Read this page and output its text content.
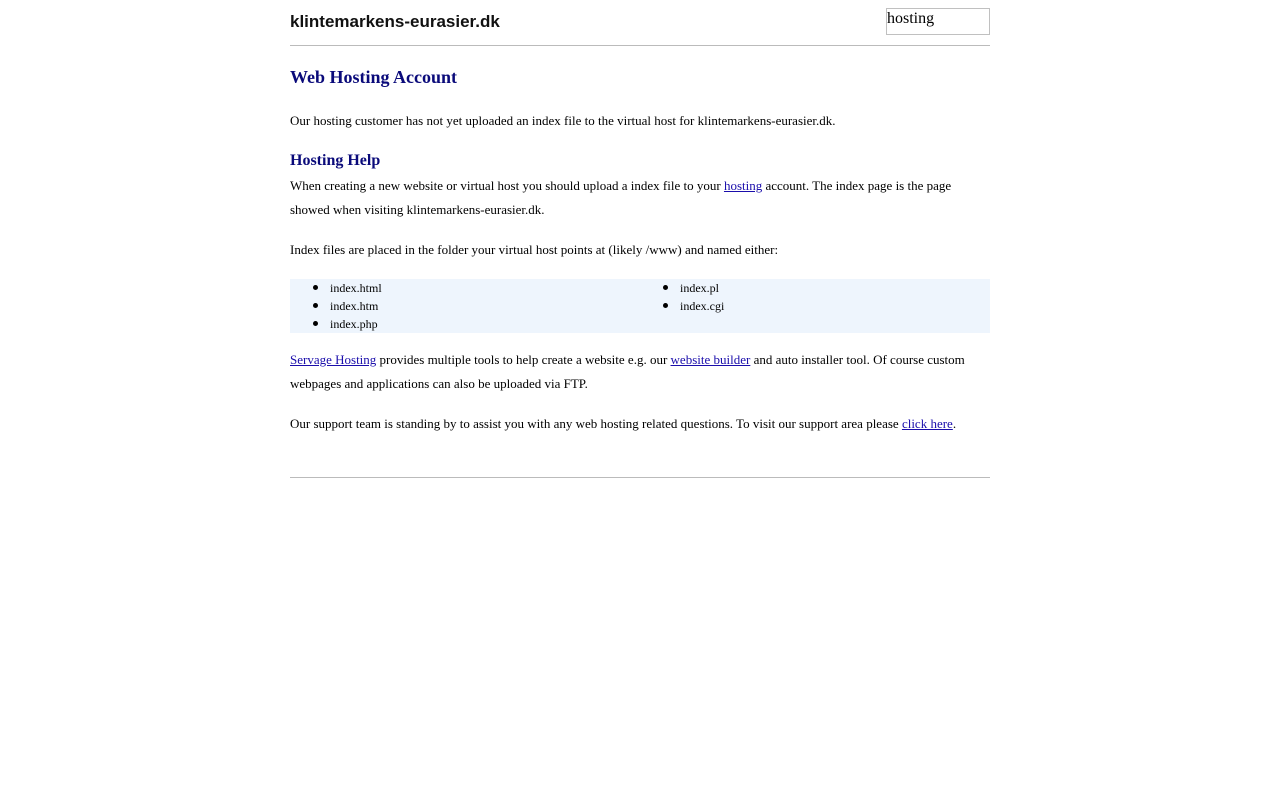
klintemarkens-eurasier.dk	hosting
Web Hosting Account

Our hosting customer has not yet uploaded an index file to the virtual host for klintemarkens-eurasier.dk.

Hosting Help

When creating a new website or virtual host you should upload a index file to your hosting account. The index page is the page showed when visiting klintemarkens-eurasier.dk.

Index files are placed in the folder your virtual host points at (likely /www) and named either:

index.html
index.htm
index.php
index.pl
index.cgi

Servage Hosting provides multiple tools to help create a website e.g. our website builder and auto installer tool. Of course custom webpages and applications can also be uploaded via FTP.

Our support team is standing by to assist you with any web hosting related questions. To visit our support area please click here.
